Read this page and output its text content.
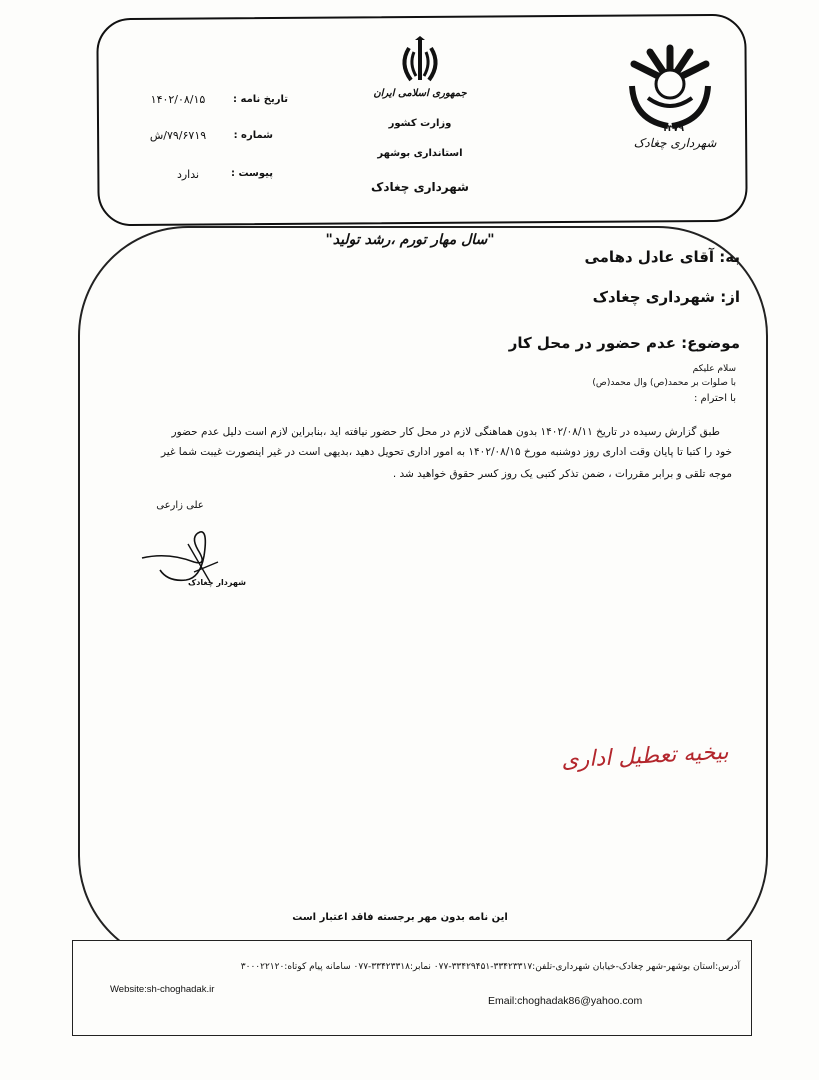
۱۳۷۹
شهرداری چغادک
جمهوری اسلامی ایران
وزارت کشور
استانداری بوشهر
شهرداری چغادک
تاریخ نامه :
۱۴۰۲/۰۸/۱۵
شماره :
۷۹/۶۷۱۹/ش
پیوست :
ندارد
"سال مهار تورم ،رشد تولید"
به: آقای عادل دهامی
از: شهرداری چغادک
موضوع: عدم حضور در محل کار
سلام علیکم
با صلوات بر محمد(ص) وال محمد(ص)
با احترام :
طبق گزارش رسیده در تاریخ ۱۴۰۲/۰۸/۱۱ بدون هماهنگی لازم در محل کار حضور نیافته اید ،بنابراین لازم است دلیل عدم حضور
خود را کتبا تا پایان وقت اداری روز دوشنبه مورخ ۱۴۰۲/۰۸/۱۵ به امور اداری تحویل دهید ،بدیهی است در غیر اینصورت غیبت شما غیر
موجه تلقی و برابر مقررات ، ضمن تذکر کتبی یک روز کسر حقوق خواهید شد .
علی زارعی
شهردار چغادک
بیخیه تعطیل اداری
این نامه بدون مهر برجسته فاقد اعتبار است
آدرس:استان بوشهر-شهر چغادک-خیابان شهرداری-تلفن:۳۳۴۲۳۳۱۷-۳۳۴۲۹۴۵۱-۰۷۷ نمابر:۳۳۴۲۳۳۱۸-۰۷۷ سامانه پیام کوتاه:۳۰۰۰۲۲۱۲۰
Website:sh-choghadak.ir
Email:choghadak86@yahoo.com
